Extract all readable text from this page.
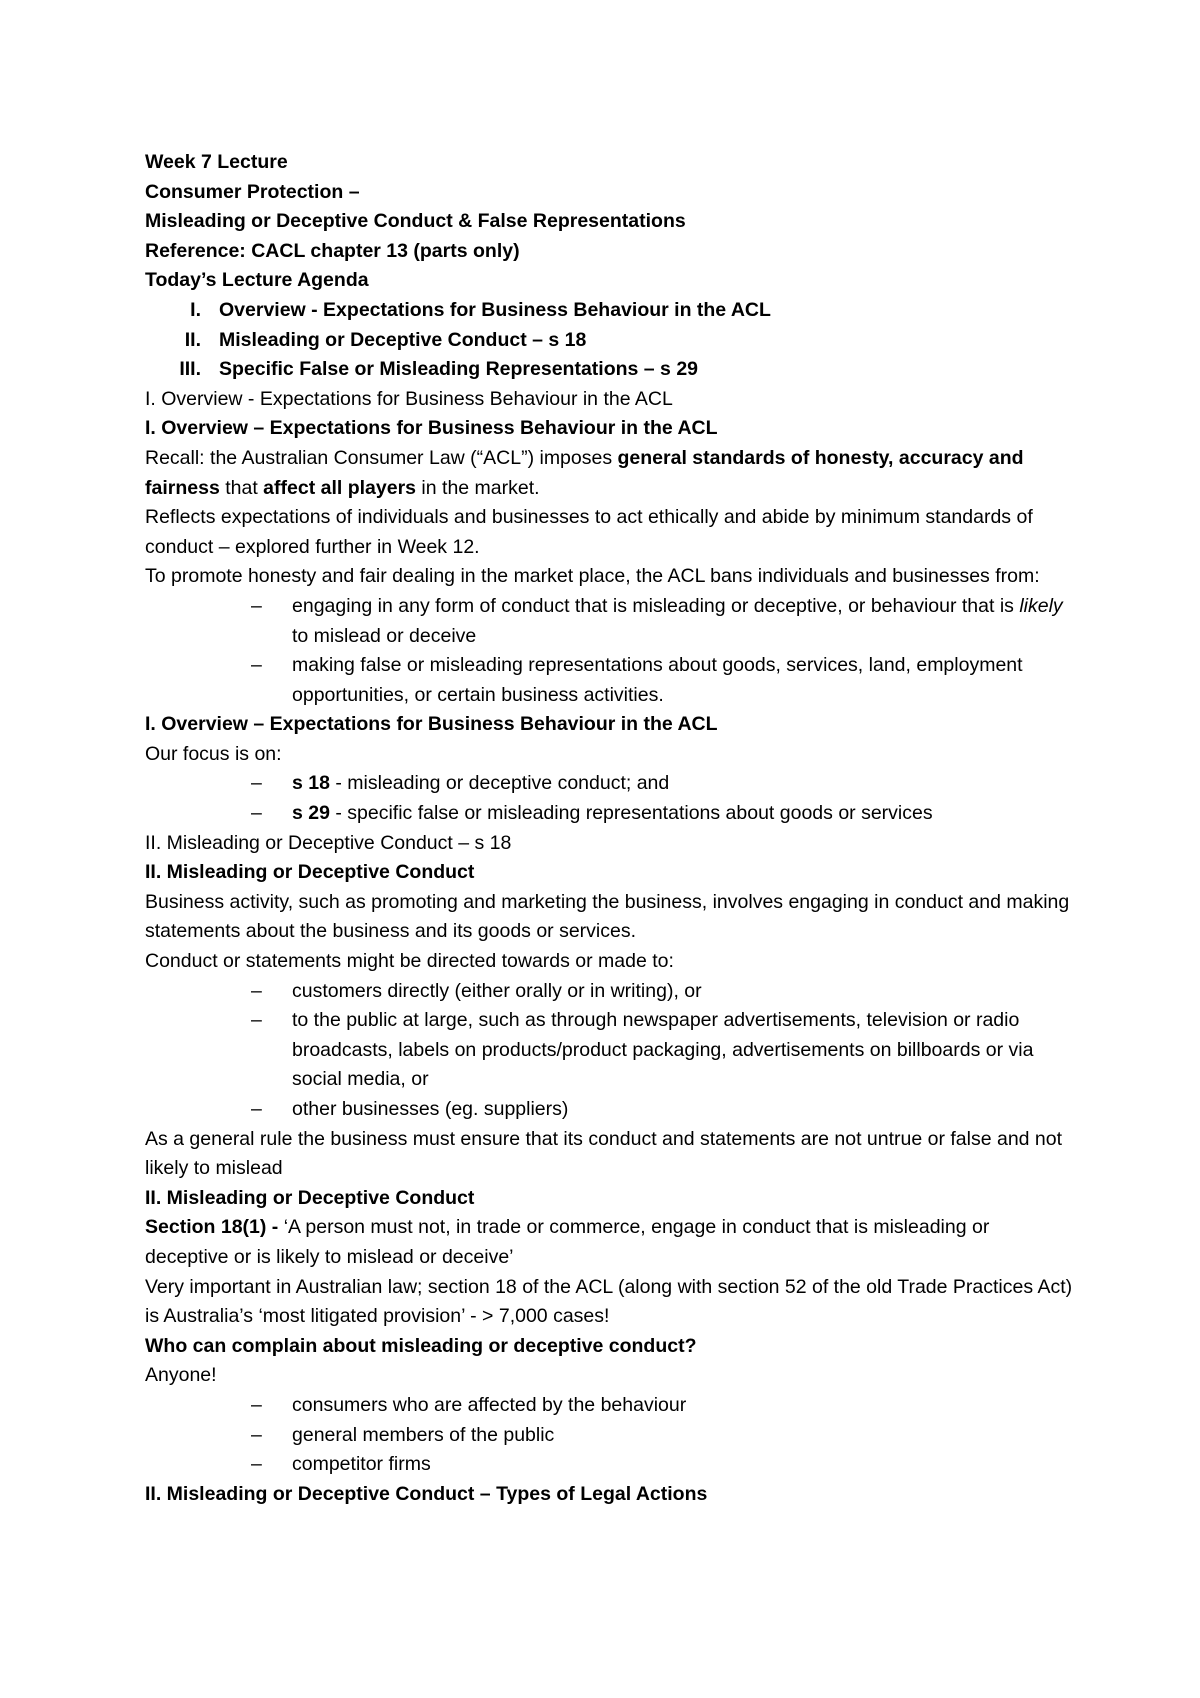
Week 7 Lecture

Consumer Protection –

Misleading or Deceptive Conduct & False Representations

Reference: CACL chapter 13 (parts only)

Today’s Lecture Agenda

I. Overview - Expectations for Business Behaviour in the ACL
II. Misleading or Deceptive Conduct – s 18
III. Specific False or Misleading Representations – s 29

I. Overview - Expectations for Business Behaviour in the ACL

I. Overview – Expectations for Business Behaviour in the ACL

Recall: the Australian Consumer Law (“ACL”) imposes general standards of honesty, accuracy and fairness that affect all players in the market.

Reflects expectations of individuals and businesses to act ethically and abide by minimum standards of conduct – explored further in Week 12.

To promote honesty and fair dealing in the market place, the ACL bans individuals and businesses from:

– engaging in any form of conduct that is misleading or deceptive, or behaviour that is likely to mislead or deceive
– making false or misleading representations about goods, services, land, employment opportunities, or certain business activities.

I. Overview – Expectations for Business Behaviour in the ACL

Our focus is on:

– s 18 - misleading or deceptive conduct; and
– s 29 - specific false or misleading representations about goods or services

II. Misleading or Deceptive Conduct – s 18

II. Misleading or Deceptive Conduct

Business activity, such as promoting and marketing the business, involves engaging in conduct and making statements about the business and its goods or services.

Conduct or statements might be directed towards or made to:

– customers directly (either orally or in writing), or
– to the public at large, such as through newspaper advertisements, television or radio broadcasts, labels on products/product packaging, advertisements on billboards or via social media, or
– other businesses (eg. suppliers)

As a general rule the business must ensure that its conduct and statements are not untrue or false and not likely to mislead

II. Misleading or Deceptive Conduct

Section 18(1) - ‘A person must not, in trade or commerce, engage in conduct that is misleading or deceptive or is likely to mislead or deceive’

Very important in Australian law; section 18 of the ACL (along with section 52 of the old Trade Practices Act) is Australia’s ‘most litigated provision’ - > 7,000 cases!

Who can complain about misleading or deceptive conduct?

Anyone!

– consumers who are affected by the behaviour
– general members of the public
– competitor firms

II. Misleading or Deceptive Conduct – Types of Legal Actions
